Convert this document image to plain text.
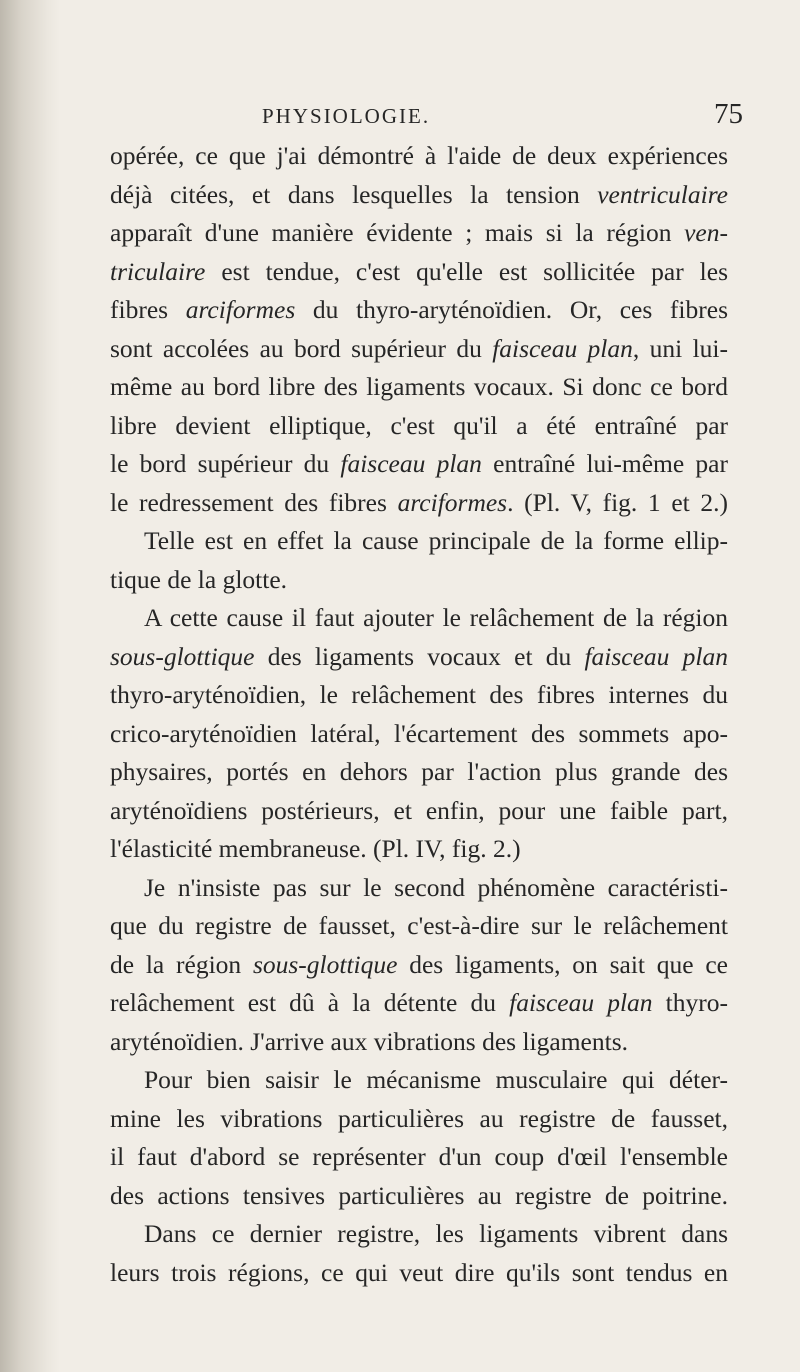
PHYSIOLOGIE.	75
opérée, ce que j'ai démontré à l'aide de deux expériences
déjà citées, et dans lesquelles la tension ventriculaire
apparaît d'une manière évidente ; mais si la région ven-
triculaire est tendue, c'est qu'elle est sollicitée par les
fibres arciformes du thyro-aryténoïdien. Or, ces fibres
sont accolées au bord supérieur du faisceau plan, uni lui-
même au bord libre des ligaments vocaux. Si donc ce bord
libre devient elliptique, c'est qu'il a été entraîné par
le bord supérieur du faisceau plan entraîné lui-même par
le redressement des fibres arciformes. (Pl. V, fig. 1 et 2.)
Telle est en effet la cause principale de la forme ellip-
tique de la glotte.
A cette cause il faut ajouter le relâchement de la région
sous-glottique des ligaments vocaux et du faisceau plan
thyro-aryténoïdien, le relâchement des fibres internes du
crico-aryténoïdien latéral, l'écartement des sommets apo-
physaires, portés en dehors par l'action plus grande des
aryténoïdiens postérieurs, et enfin, pour une faible part,
l'élasticité membraneuse. (Pl. IV, fig. 2.)
Je n'insiste pas sur le second phénomène caractéristi-
que du registre de fausset, c'est-à-dire sur le relâchement
de la région sous-glottique des ligaments, on sait que ce
relâchement est dû à la détente du faisceau plan thyro-
aryténoïdien. J'arrive aux vibrations des ligaments.
Pour bien saisir le mécanisme musculaire qui déter-
mine les vibrations particulières au registre de fausset,
il faut d'abord se représenter d'un coup d'œil l'ensemble
des actions tensives particulières au registre de poitrine.
Dans ce dernier registre, les ligaments vibrent dans
leurs trois régions, ce qui veut dire qu'ils sont tendus en
